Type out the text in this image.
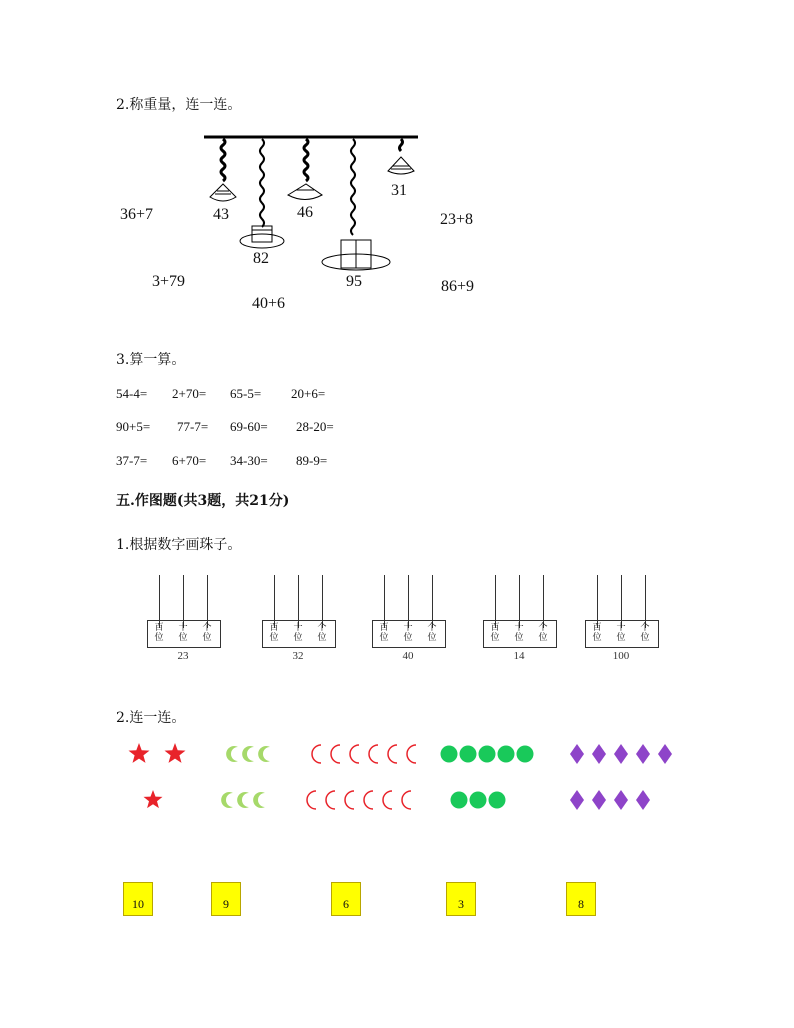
2.称重量，连一连。
43	46
31
82
95
36+7
3+79
40+6
23+8
86+9
3.算一算。
54-4= 2+70= 65-5= 20+6=
90+5= 77-7= 69-60= 28-20=
37-7= 6+70= 34-30= 89-9=
五.作图题(共3题，共21分)
1.根据数字画珠子。
百
位
十
位
个
位
23
百
位
十
位
个
位
32
百
位
十
位
个
位
40
百
位
十
位
个
位
14
百
位
十
位
个
位
100
2.连一连。
10	9	6	3	8
